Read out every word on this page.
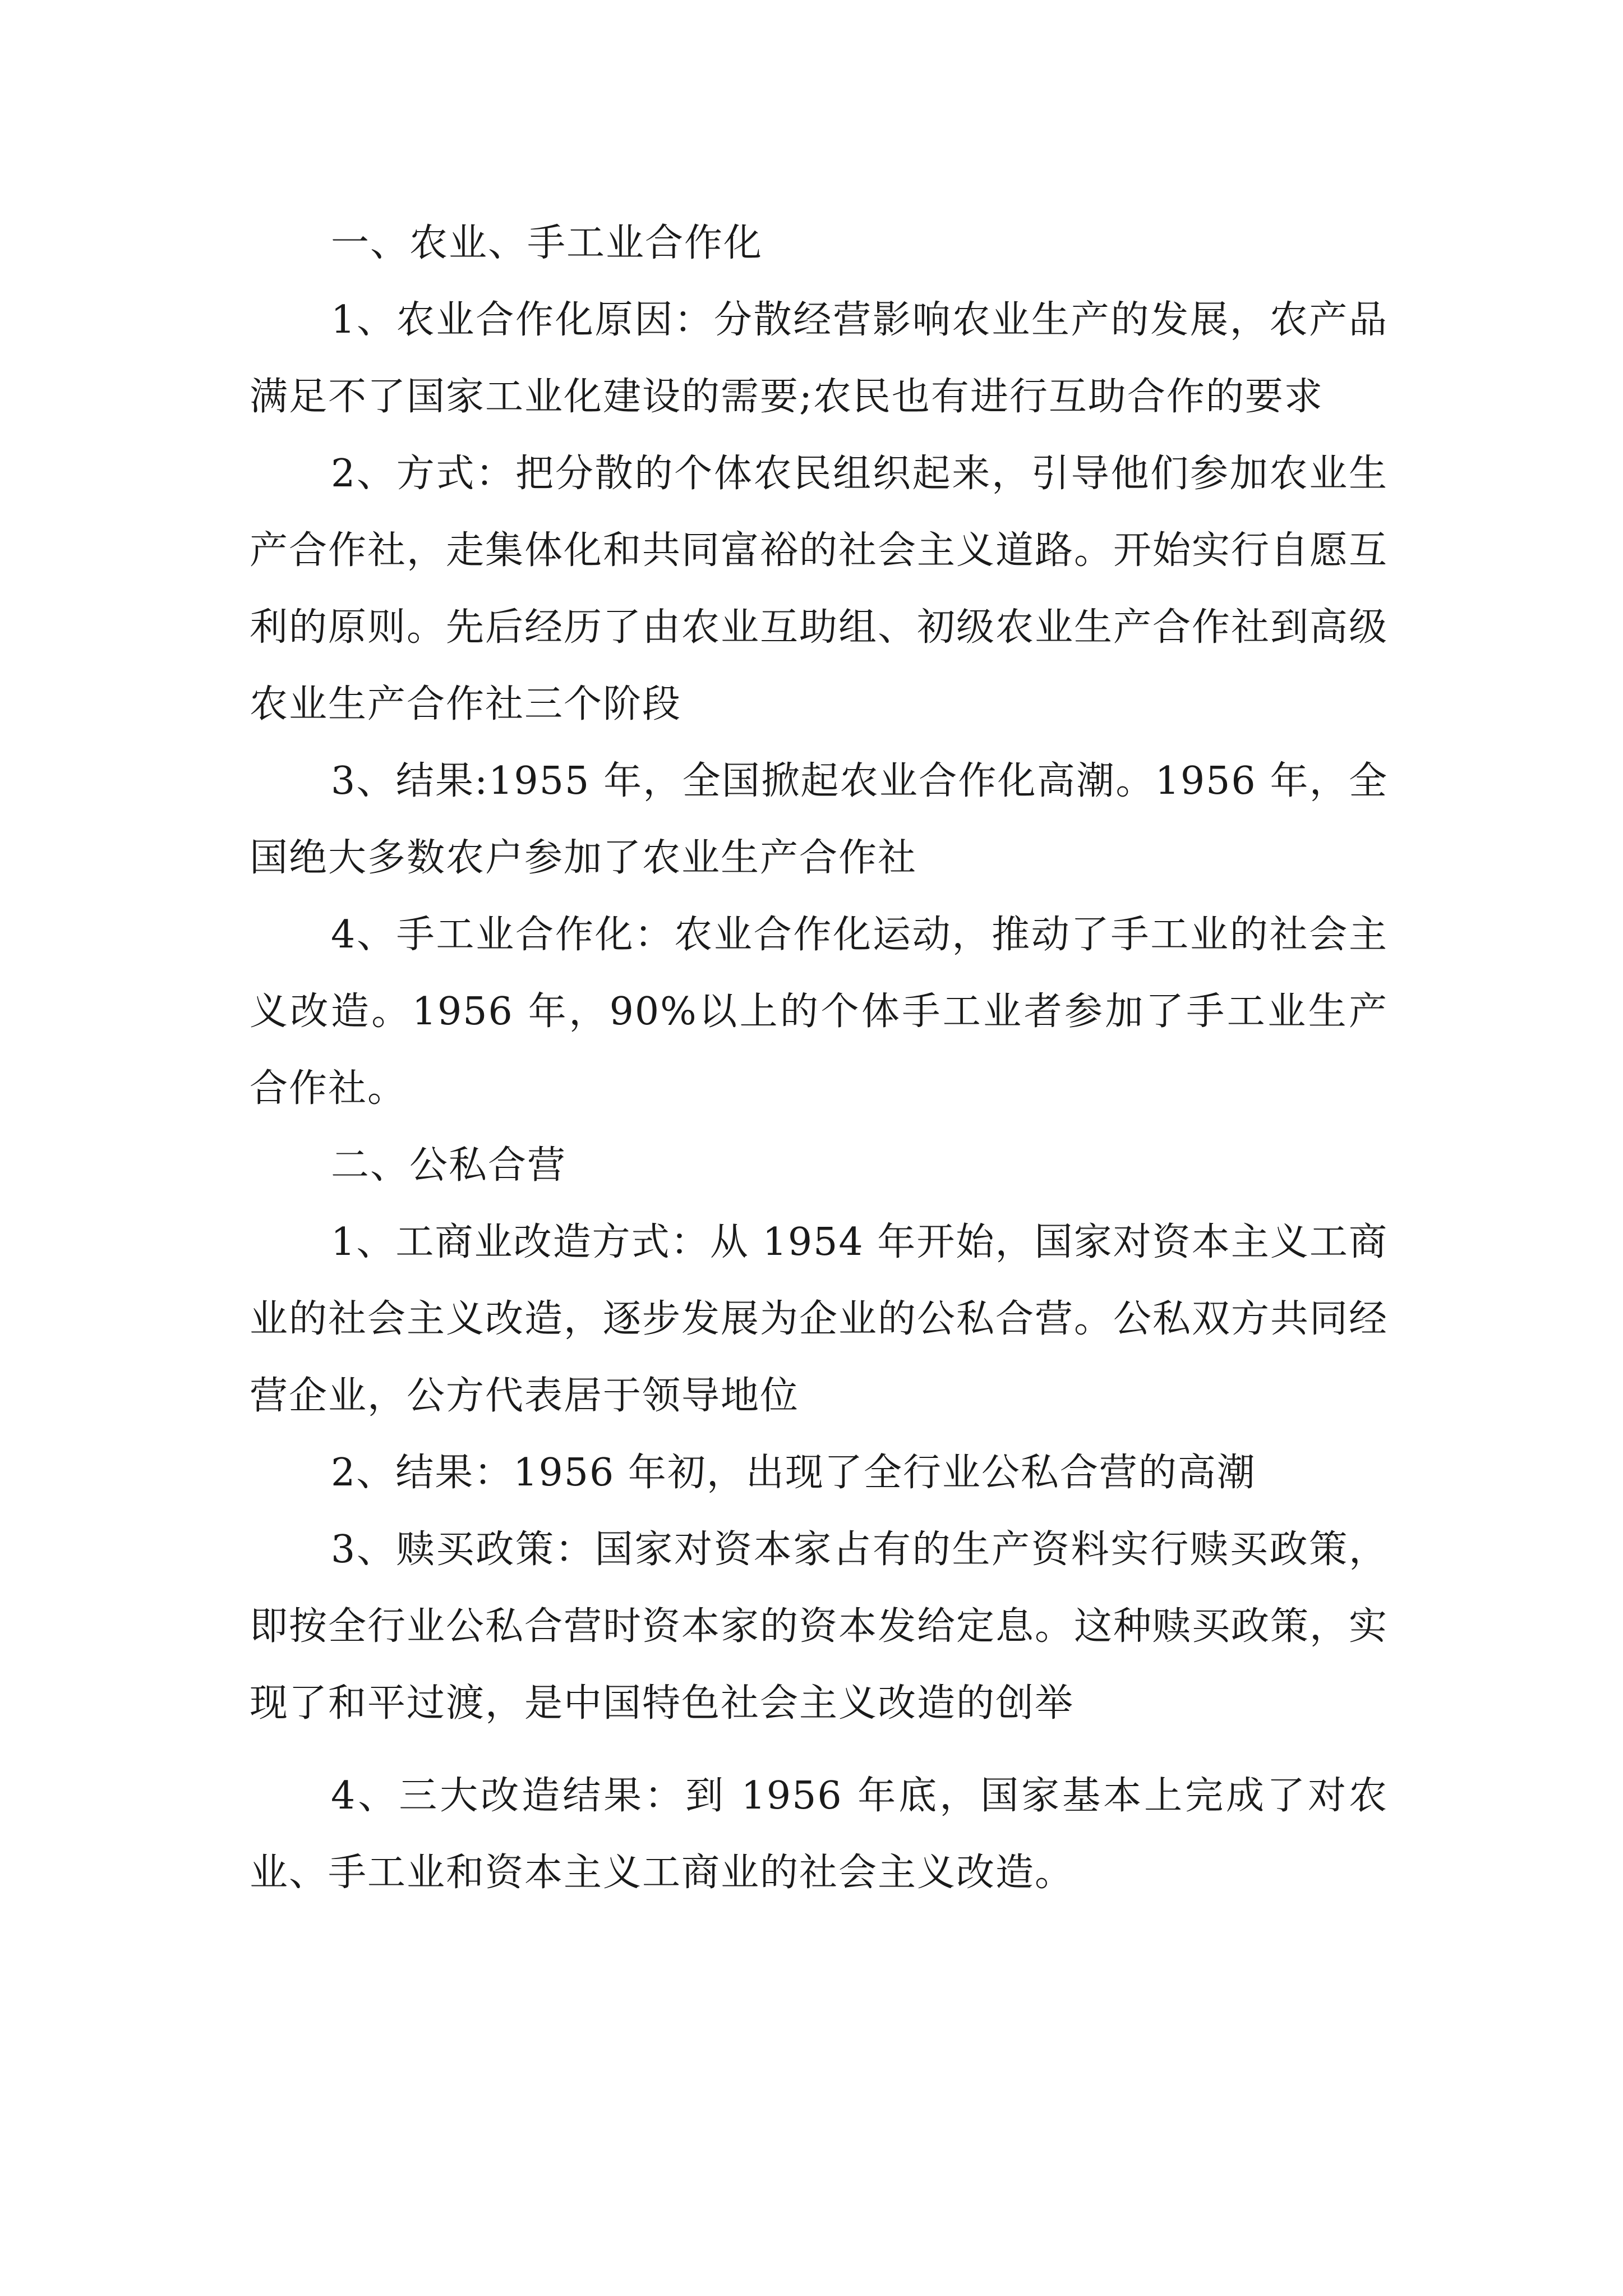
一、农业、手工业合作化

1、农业合作化原因：分散经营影响农业生产的发展，农产品满足不了国家工业化建设的需要;农民也有进行互助合作的要求

2、方式：把分散的个体农民组织起来，引导他们参加农业生产合作社，走集体化和共同富裕的社会主义道路。开始实行自愿互利的原则。先后经历了由农业互助组、初级农业生产合作社到高级农业生产合作社三个阶段

3、结果:1955 年，全国掀起农业合作化高潮。1956 年，全国绝大多数农户参加了农业生产合作社

4、手工业合作化：农业合作化运动，推动了手工业的社会主义改造。1956 年，90%以上的个体手工业者参加了手工业生产合作社。

二、公私合营

1、工商业改造方式：从 1954 年开始，国家对资本主义工商业的社会主义改造，逐步发展为企业的公私合营。公私双方共同经营企业，公方代表居于领导地位

2、结果：1956 年初，出现了全行业公私合营的高潮

3、赎买政策：国家对资本家占有的生产资料实行赎买政策，即按全行业公私合营时资本家的资本发给定息。这种赎买政策，实现了和平过渡，是中国特色社会主义改造的创举

4、三大改造结果：到 1956 年底，国家基本上完成了对农业、手工业和资本主义工商业的社会主义改造。
